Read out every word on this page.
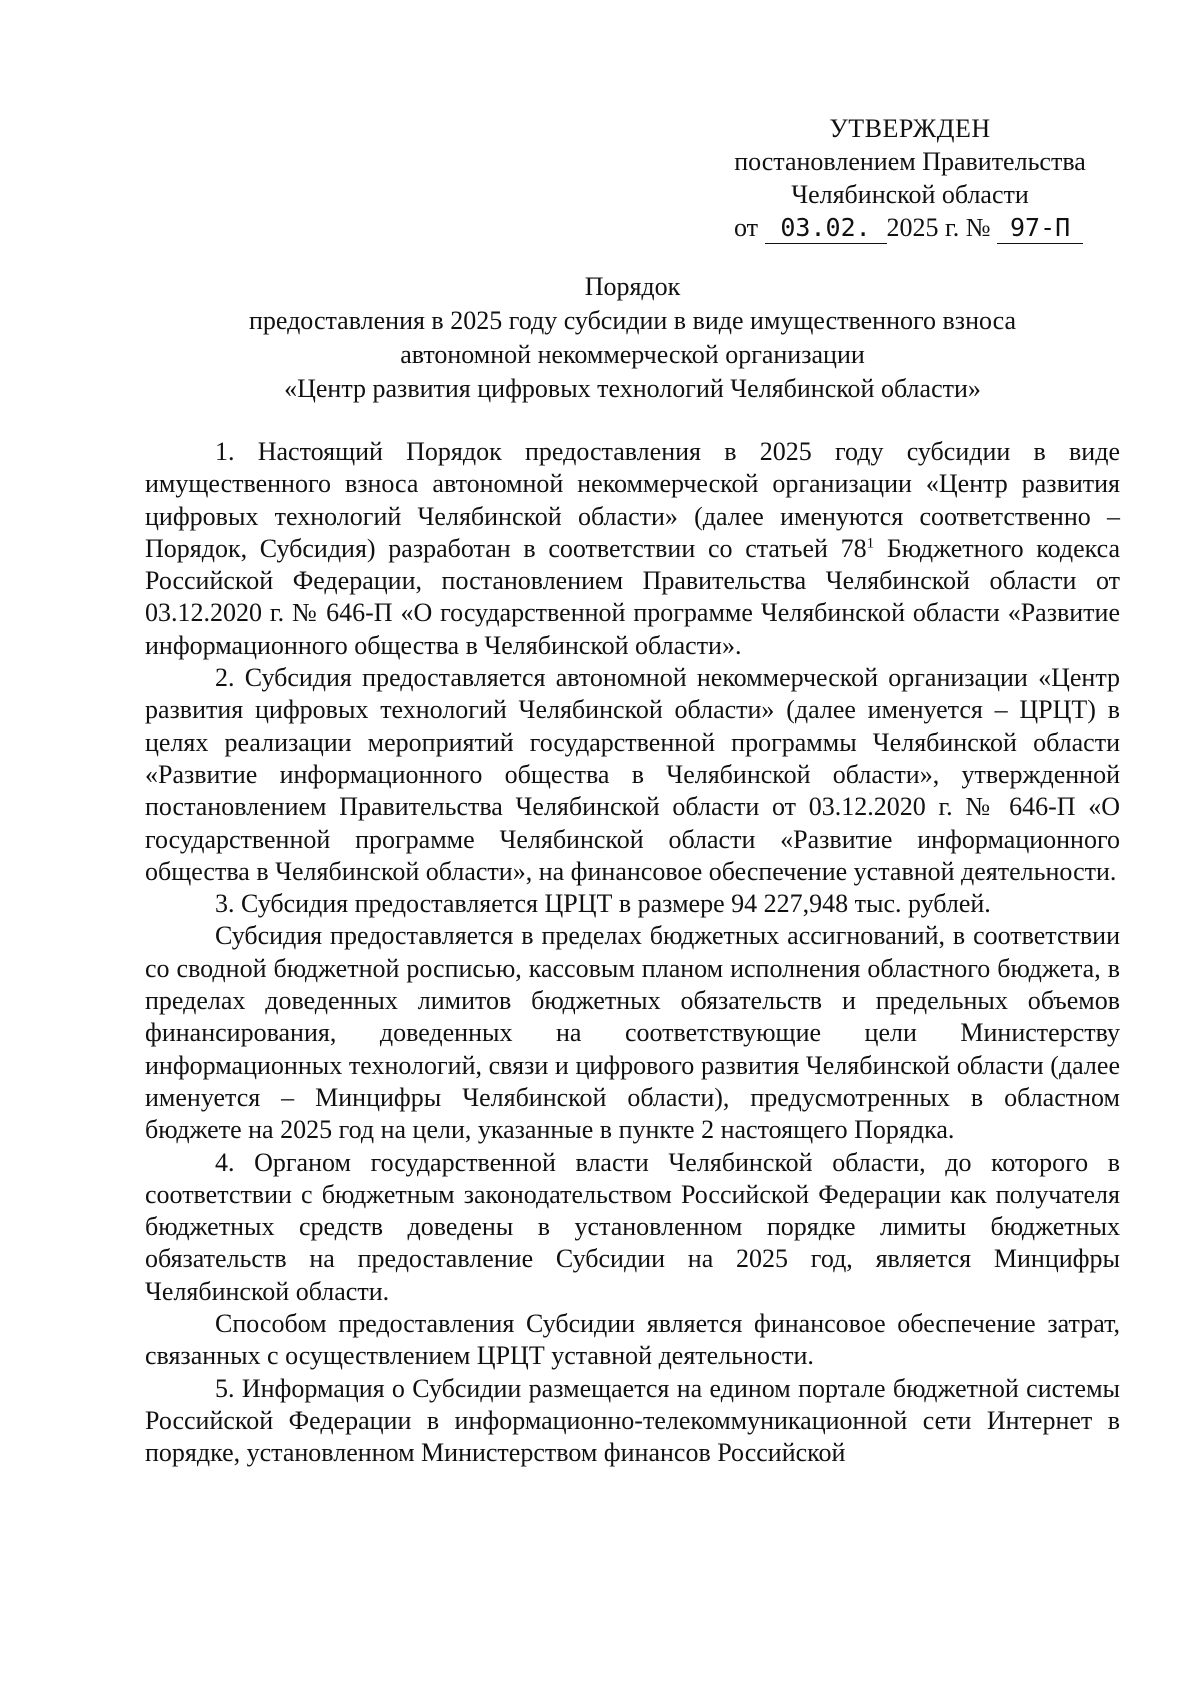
УТВЕРЖДЕН
постановлением Правительства
Челябинской области
от 03.02. 2025 г. № 97-П
Порядок
предоставления в 2025 году субсидии в виде имущественного взноса
автономной некоммерческой организации
«Центр развития цифровых технологий Челябинской области»

1. Настоящий Порядок предоставления в 2025 году субсидии в виде имущественного взноса автономной некоммерческой организации «Центр развития цифровых технологий Челябинской области» (далее именуются соответственно – Порядок, Субсидия) разработан в соответствии со статьей $78^1$ Бюджетного кодекса Российской Федерации, постановлением Правительства Челябинской области от 03.12.2020 г. № 646-П «О государственной программе Челябинской области «Развитие информационного общества в Челябинской области».

2. Субсидия предоставляется автономной некоммерческой организации «Центр развития цифровых технологий Челябинской области» (далее именуется – ЦРЦТ) в целях реализации мероприятий государственной программы Челябинской области «Развитие информационного общества в Челябинской области», утвержденной постановлением Правительства Челябинской области от 03.12.2020 г. № 646-П «О государственной программе Челябинской области «Развитие информационного общества в Челябинской области», на финансовое обеспечение уставной деятельности.

3. Субсидия предоставляется ЦРЦТ в размере 94 227,948 тыс. рублей.

Субсидия предоставляется в пределах бюджетных ассигнований, в соответствии со сводной бюджетной росписью, кассовым планом исполнения областного бюджета, в пределах доведенных лимитов бюджетных обязательств и предельных объемов финансирования, доведенных на соответствующие цели Министерству информационных технологий, связи и цифрового развития Челябинской области (далее именуется – Минцифры Челябинской области), предусмотренных в областном бюджете на 2025 год на цели, указанные в пункте 2 настоящего Порядка.

4. Органом государственной власти Челябинской области, до которого в соответствии с бюджетным законодательством Российской Федерации как получателя бюджетных средств доведены в установленном порядке лимиты бюджетных обязательств на предоставление Субсидии на 2025 год, является Минцифры Челябинской области.

Способом предоставления Субсидии является финансовое обеспечение затрат, связанных с осуществлением ЦРЦТ уставной деятельности.

5. Информация о Субсидии размещается на едином портале бюджетной системы Российской Федерации в информационно-телекоммуникационной сети Интернет в порядке, установленном Министерством финансов Российской
